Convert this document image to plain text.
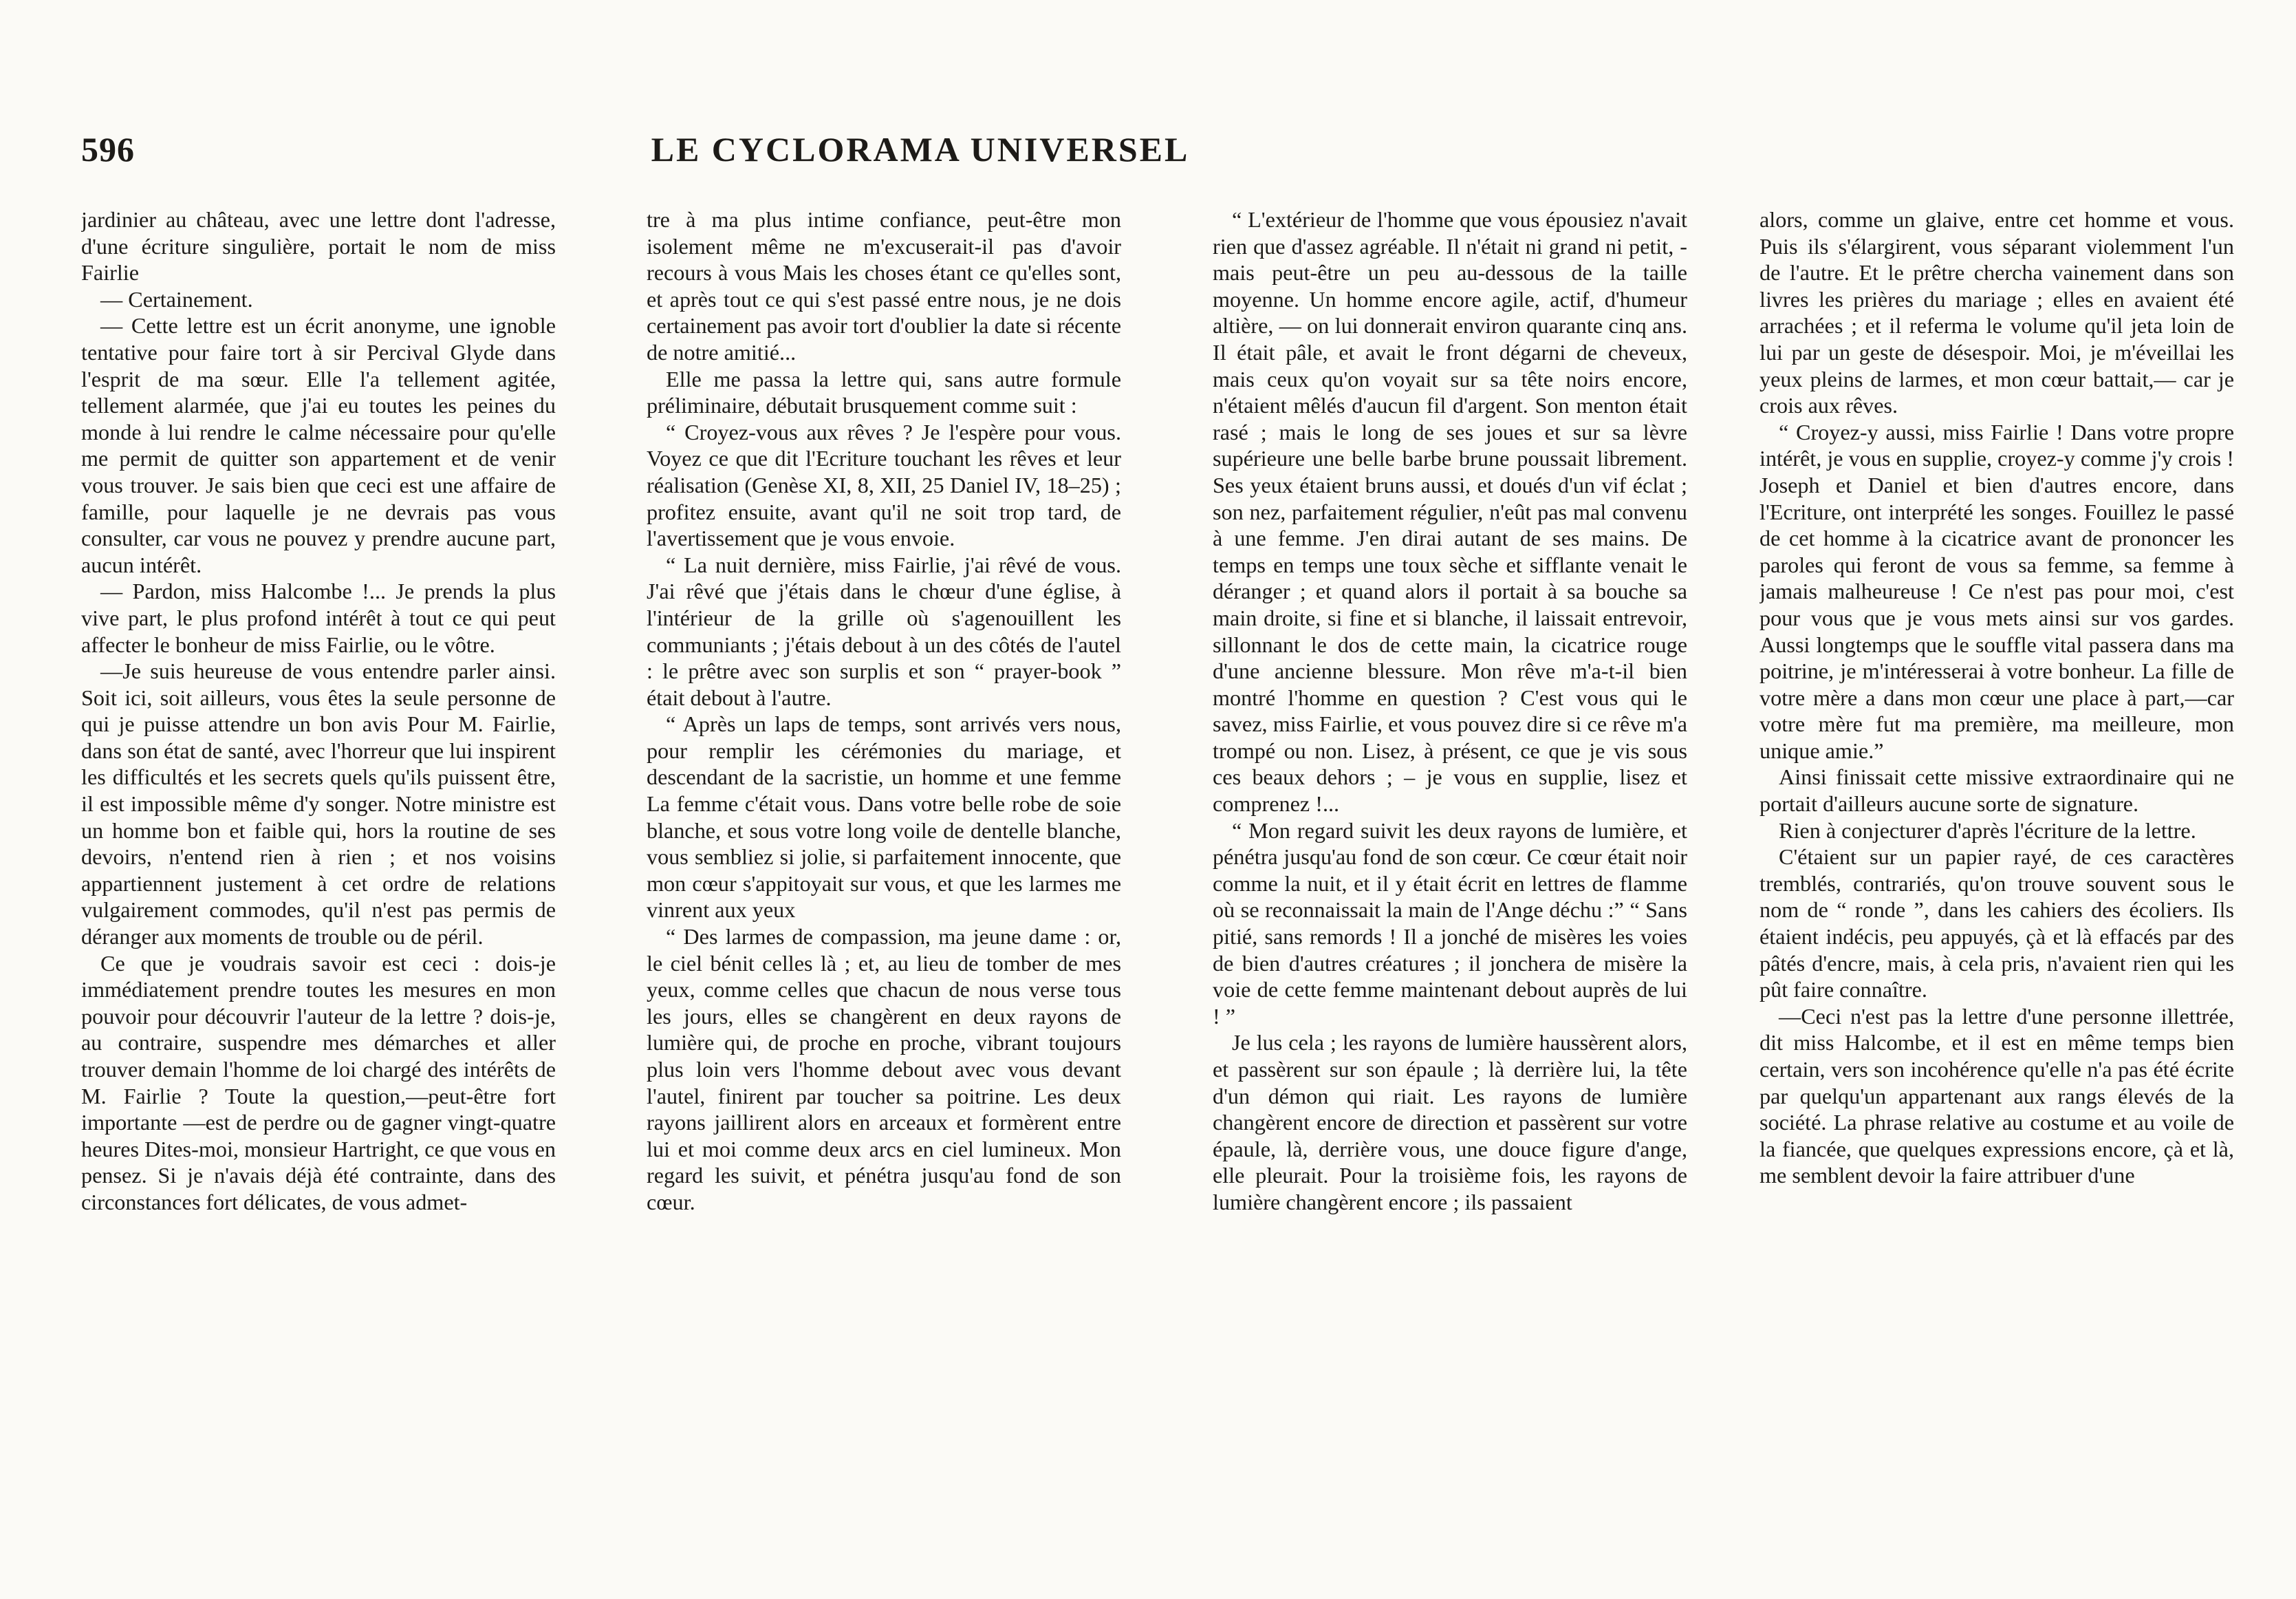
596	LE CYCLORAMA UNIVERSEL

jardinier au château, avec une lettre dont l'adresse, d'une écriture singulière, portait le nom de miss Fairlie

— Certainement.

— Cette lettre est un écrit anonyme, une ignoble tentative pour faire tort à sir Percival Glyde dans l'esprit de ma sœur. Elle l'a tellement agitée, tellement alarmée, que j'ai eu toutes les peines du monde à lui rendre le calme nécessaire pour qu'elle me permit de quitter son appartement et de venir vous trouver. Je sais bien que ceci est une affaire de famille, pour laquelle je ne devrais pas vous consulter, car vous ne pouvez y prendre aucune part, aucun intérêt.

— Pardon, miss Halcombe !... Je prends la plus vive part, le plus profond intérêt à tout ce qui peut affecter le bonheur de miss Fairlie, ou le vôtre.

—Je suis heureuse de vous entendre parler ainsi. Soit ici, soit ailleurs, vous êtes la seule personne de qui je puisse attendre un bon avis Pour M. Fairlie, dans son état de santé, avec l'horreur que lui inspirent les difficultés et les secrets quels qu'ils puissent être, il est impossible même d'y songer. Notre ministre est un homme bon et faible qui, hors la routine de ses devoirs, n'entend rien à rien ; et nos voisins appartiennent justement à cet ordre de relations vulgairement commodes, qu'il n'est pas permis de déranger aux moments de trouble ou de péril.

Ce que je voudrais savoir est ceci : dois-je immédiatement prendre toutes les mesures en mon pouvoir pour découvrir l'auteur de la lettre ? dois-je, au contraire, suspendre mes démarches et aller trouver demain l'homme de loi chargé des intérêts de M. Fairlie ? Toute la question,—peut-être fort importante —est de perdre ou de gagner vingt-quatre heures Dites-moi, monsieur Hartright, ce que vous en pensez. Si je n'avais déjà été contrainte, dans des circonstances fort délicates, de vous admet-

tre à ma plus intime confiance, peut-être mon isolement même ne m'excuserait-il pas d'avoir recours à vous Mais les choses étant ce qu'elles sont, et après tout ce qui s'est passé entre nous, je ne dois certainement pas avoir tort d'oublier la date si récente de notre amitié...

Elle me passa la lettre qui, sans autre formule préliminaire, débutait brusquement comme suit :

“ Croyez-vous aux rêves ? Je l'espère pour vous. Voyez ce que dit l'Ecriture touchant les rêves et leur réalisation (Genèse XI, 8, XII, 25 Daniel IV, 18–25) ; profitez ensuite, avant qu'il ne soit trop tard, de l'avertissement que je vous envoie.

“ La nuit dernière, miss Fairlie, j'ai rêvé de vous. J'ai rêvé que j'étais dans le chœur d'une église, à l'intérieur de la grille où s'agenouillent les communiants ; j'étais debout à un des côtés de l'autel : le prêtre avec son surplis et son “ prayer-book ” était debout à l'autre.

“ Après un laps de temps, sont arrivés vers nous, pour remplir les cérémonies du mariage, et descendant de la sacristie, un homme et une femme La femme c'était vous. Dans votre belle robe de soie blanche, et sous votre long voile de dentelle blanche, vous sembliez si jolie, si parfaitement innocente, que mon cœur s'appitoyait sur vous, et que les larmes me vinrent aux yeux

“ Des larmes de compassion, ma jeune dame : or, le ciel bénit celles là ; et, au lieu de tomber de mes yeux, comme celles que chacun de nous verse tous les jours, elles se changèrent en deux rayons de lumière qui, de proche en proche, vibrant toujours plus loin vers l'homme debout avec vous devant l'autel, finirent par toucher sa poitrine. Les deux rayons jaillirent alors en arceaux et formèrent entre lui et moi comme deux arcs en ciel lumineux. Mon regard les suivit, et pénétra jusqu'au fond de son cœur.

“ L'extérieur de l'homme que vous épousiez n'avait rien que d'assez agréable. Il n'était ni grand ni petit, - mais peut-être un peu au-dessous de la taille moyenne. Un homme encore agile, actif, d'humeur altière, — on lui donnerait environ quarante cinq ans. Il était pâle, et avait le front dégarni de cheveux, mais ceux qu'on voyait sur sa tête noirs encore, n'étaient mêlés d'aucun fil d'argent. Son menton était rasé ; mais le long de ses joues et sur sa lèvre supérieure une belle barbe brune poussait librement. Ses yeux étaient bruns aussi, et doués d'un vif éclat ; son nez, parfaitement régulier, n'eût pas mal convenu à une femme. J'en dirai autant de ses mains. De temps en temps une toux sèche et sifflante venait le déranger ; et quand alors il portait à sa bouche sa main droite, si fine et si blanche, il laissait entrevoir, sillonnant le dos de cette main, la cicatrice rouge d'une ancienne blessure. Mon rêve m'a-t-il bien montré l'homme en question ? C'est vous qui le savez, miss Fairlie, et vous pouvez dire si ce rêve m'a trompé ou non. Lisez, à présent, ce que je vis sous ces beaux dehors ; – je vous en supplie, lisez et comprenez !...

“ Mon regard suivit les deux rayons de lumière, et pénétra jusqu'au fond de son cœur. Ce cœur était noir comme la nuit, et il y était écrit en lettres de flamme où se reconnaissait la main de l'Ange déchu :” “ Sans pitié, sans remords ! Il a jonché de misères les voies de bien d'autres créatures ; il jonchera de misère la voie de cette femme maintenant debout auprès de lui ! ”

Je lus cela ; les rayons de lumière haussèrent alors, et passèrent sur son épaule ; là derrière lui, la tête d'un démon qui riait. Les rayons de lumière changèrent encore de direction et passèrent sur votre épaule, là, derrière vous, une douce figure d'ange, elle pleurait. Pour la troisième fois, les rayons de lumière changèrent encore ; ils passaient

alors, comme un glaive, entre cet homme et vous. Puis ils s'élargirent, vous séparant violemment l'un de l'autre. Et le prêtre chercha vainement dans son livres les prières du mariage ; elles en avaient été arrachées ; et il referma le volume qu'il jeta loin de lui par un geste de désespoir. Moi, je m'éveillai les yeux pleins de larmes, et mon cœur battait,— car je crois aux rêves.

“ Croyez-y aussi, miss Fairlie ! Dans votre propre intérêt, je vous en supplie, croyez-y comme j'y crois ! Joseph et Daniel et bien d'autres encore, dans l'Ecriture, ont interprété les songes. Fouillez le passé de cet homme à la cicatrice avant de prononcer les paroles qui feront de vous sa femme, sa femme à jamais malheureuse ! Ce n'est pas pour moi, c'est pour vous que je vous mets ainsi sur vos gardes. Aussi longtemps que le souffle vital passera dans ma poitrine, je m'intéresserai à votre bonheur. La fille de votre mère a dans mon cœur une place à part,—car votre mère fut ma première, ma meilleure, mon unique amie.”

Ainsi finissait cette missive extraordinaire qui ne portait d'ailleurs aucune sorte de signature.

Rien à conjecturer d'après l'écriture de la lettre.

C'étaient sur un papier rayé, de ces caractères tremblés, contrariés, qu'on trouve souvent sous le nom de “ ronde ”, dans les cahiers des écoliers. Ils étaient indécis, peu appuyés, çà et là effacés par des pâtés d'encre, mais, à cela pris, n'avaient rien qui les pût faire connaître.

—Ceci n'est pas la lettre d'une personne illettrée, dit miss Halcombe, et il est en même temps bien certain, vers son incohérence qu'elle n'a pas été écrite par quelqu'un appartenant aux rangs élevés de la société. La phrase relative au costume et au voile de la fiancée, que quelques expressions encore, çà et là, me semblent devoir la faire attribuer d'une
